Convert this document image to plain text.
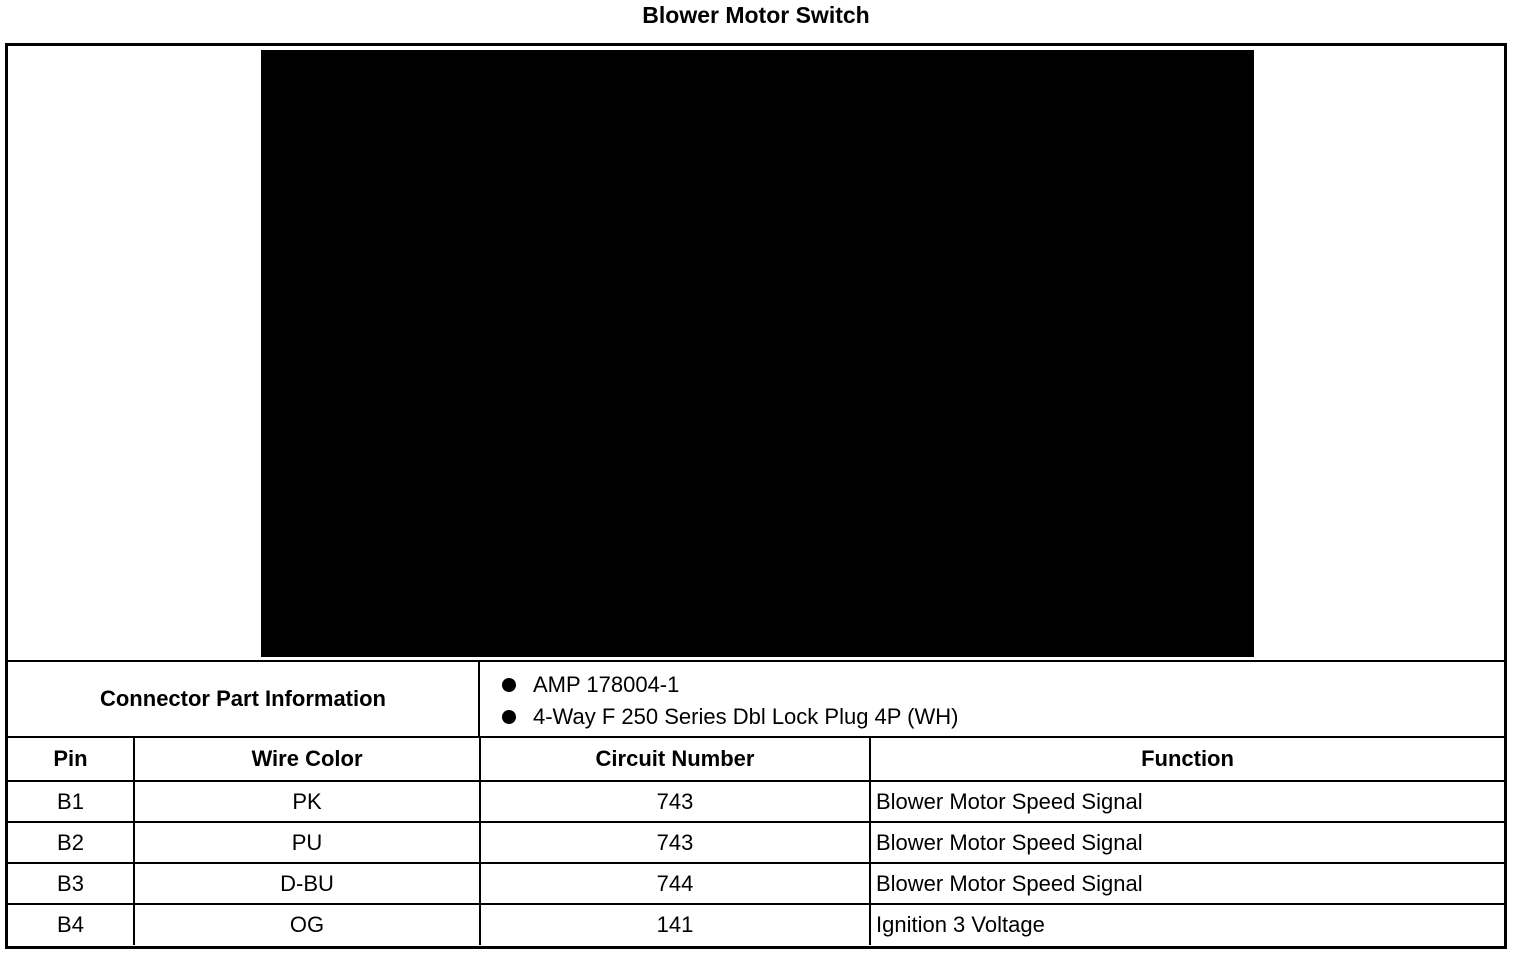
Blower Motor Switch
Connector Part Information
AMP 178004-1
4-Way F 250 Series Dbl Lock Plug 4P (WH)
Pin	Wire Color	Circuit Number	Function
B1	PK	743	Blower Motor Speed Signal
B2	PU	743	Blower Motor Speed Signal
B3	D-BU	744	Blower Motor Speed Signal
B4	OG	141	Ignition 3 Voltage
